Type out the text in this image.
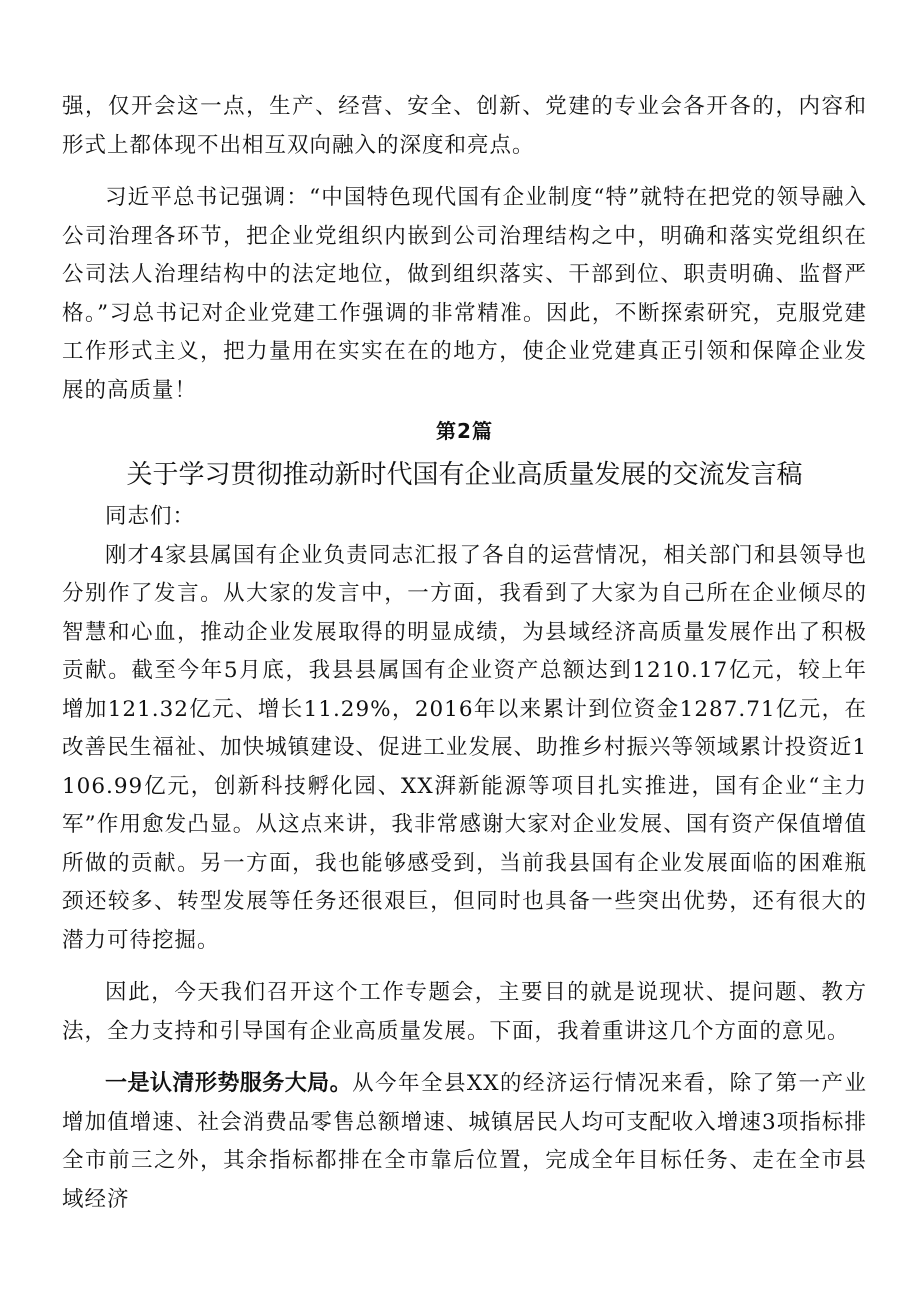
强，仅开会这一点，生产、经营、安全、创新、党建的专业会各开各的，内容和形式上都体现不出相互双向融入的深度和亮点。

习近平总书记强调：“中国特色现代国有企业制度“特”就特在把党的领导融入公司治理各环节，把企业党组织内嵌到公司治理结构之中，明确和落实党组织在公司法人治理结构中的法定地位，做到组织落实、干部到位、职责明确、监督严格。”习总书记对企业党建工作强调的非常精准。因此，不断探索研究，克服党建工作形式主义，把力量用在实实在在的地方，使企业党建真正引领和保障企业发展的高质量！

第2篇
关于学习贯彻推动新时代国有企业高质量发展的交流发言稿

同志们：

刚才4家县属国有企业负责同志汇报了各自的运营情况，相关部门和县领导也分别作了发言。从大家的发言中，一方面，我看到了大家为自己所在企业倾尽的智慧和心血，推动企业发展取得的明显成绩，为县域经济高质量发展作出了积极贡献。截至今年5月底，我县县属国有企业资产总额达到1210.17亿元，较上年增加121.32亿元、增长11.29%，2016年以来累计到位资金1287.71亿元，在改善民生福祉、加快城镇建设、促进工业发展、助推乡村振兴等领域累计投资近1106.99亿元，创新科技孵化园、XX湃新能源等项目扎实推进，国有企业“主力军”作用愈发凸显。从这点来讲，我非常感谢大家对企业发展、国有资产保值增值所做的贡献。另一方面，我也能够感受到，当前我县国有企业发展面临的困难瓶颈还较多、转型发展等任务还很艰巨，但同时也具备一些突出优势，还有很大的潜力可待挖掘。

因此，今天我们召开这个工作专题会，主要目的就是说现状、提问题、教方法，全力支持和引导国有企业高质量发展。下面，我着重讲这几个方面的意见。

一是认清形势服务大局。从今年全县XX的经济运行情况来看，除了第一产业增加值增速、社会消费品零售总额增速、城镇居民人均可支配收入增速3项指标排全市前三之外，其余指标都排在全市靠后位置，完成全年目标任务、走在全市县域经济
